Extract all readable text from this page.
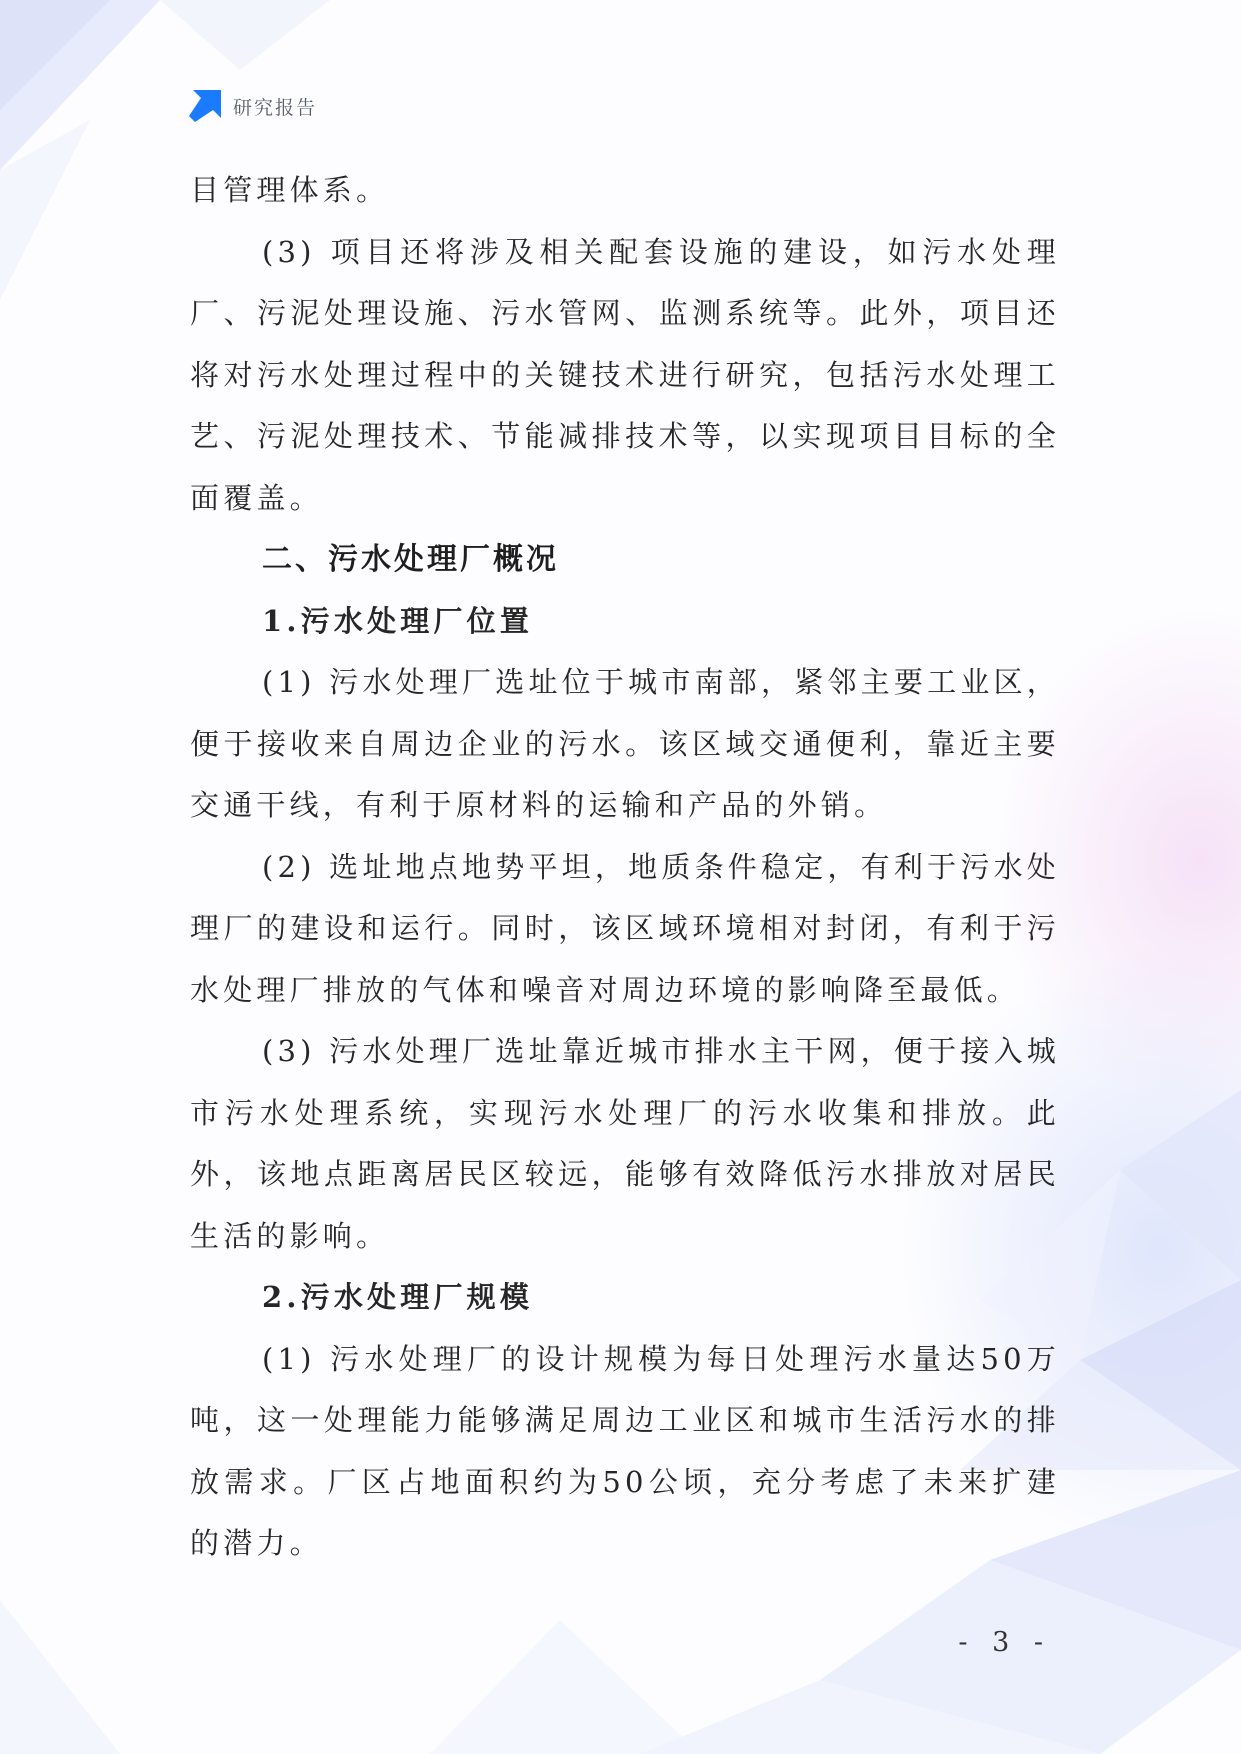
研究报告

目管理体系。

(3) 项目还将涉及相关配套设施的建设，如污水处理厂、污泥处理设施、污水管网、监测系统等。此外，项目还将对污水处理过程中的关键技术进行研究，包括污水处理工艺、污泥处理技术、节能减排技术等，以实现项目目标的全面覆盖。

二、污水处理厂概况
1.污水处理厂位置

(1) 污水处理厂选址位于城市南部，紧邻主要工业区，便于接收来自周边企业的污水。该区域交通便利，靠近主要交通干线，有利于原材料的运输和产品的外销。

(2) 选址地点地势平坦，地质条件稳定，有利于污水处理厂的建设和运行。同时，该区域环境相对封闭，有利于污水处理厂排放的气体和噪音对周边环境的影响降至最低。

(3) 污水处理厂选址靠近城市排水主干网，便于接入城市污水处理系统，实现污水处理厂的污水收集和排放。此外，该地点距离居民区较远，能够有效降低污水排放对居民生活的影响。

2.污水处理厂规模

(1) 污水处理厂的设计规模为每日处理污水量达50万吨，这一处理能力能够满足周边工业区和城市生活污水的排放需求。厂区占地面积约为50公顷，充分考虑了未来扩建的潜力。

- 3 -
